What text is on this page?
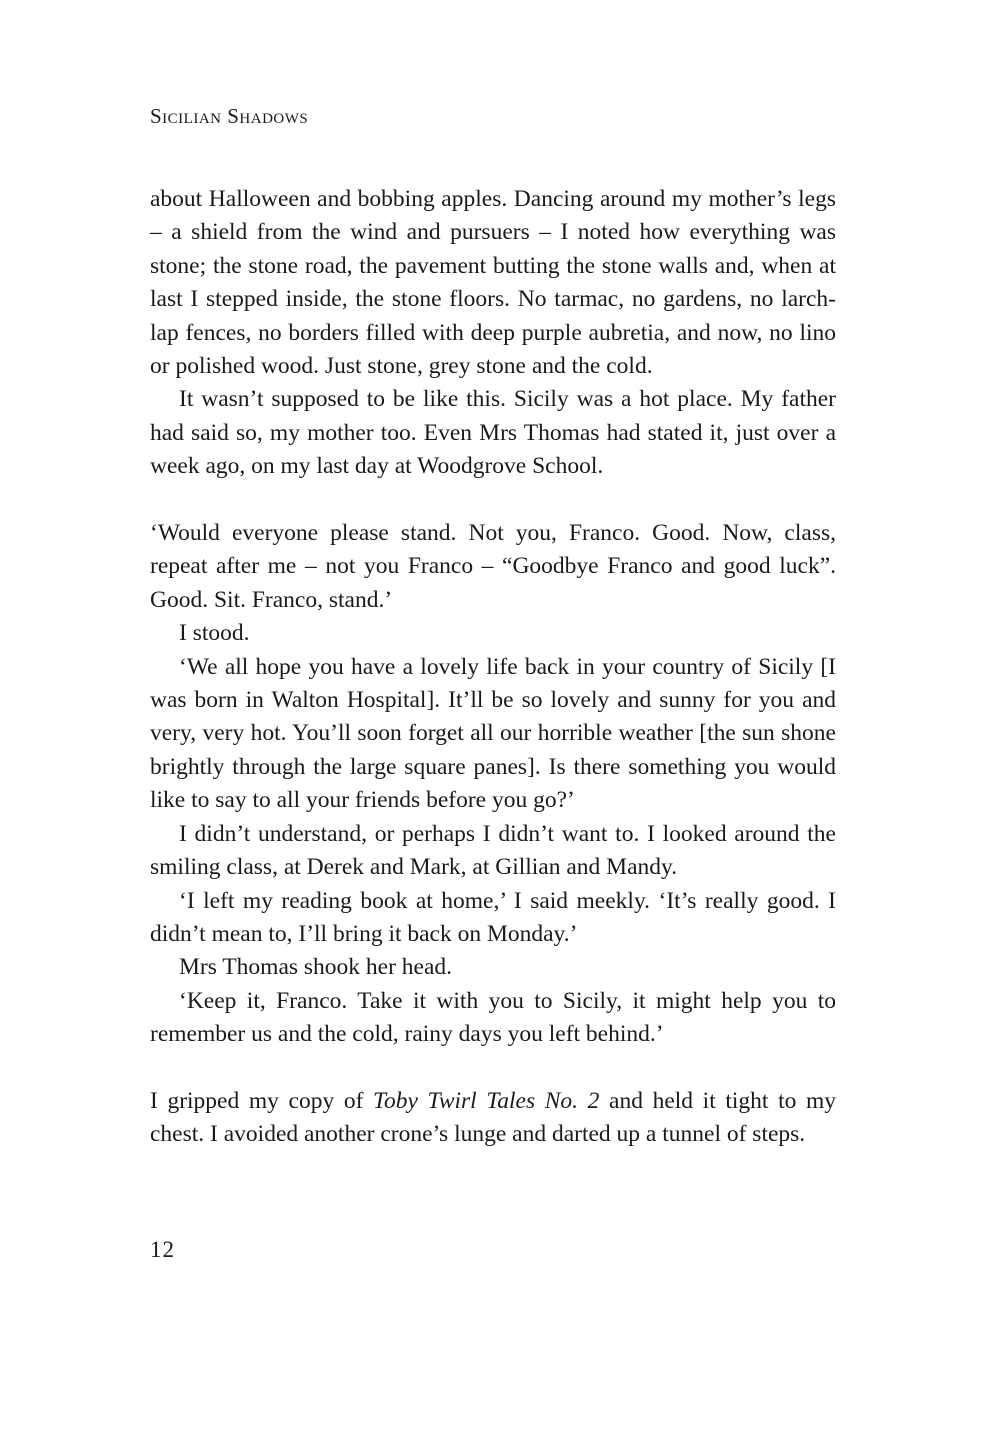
Sicilian Shadows

about Halloween and bobbing apples. Dancing around my mother’s legs – a shield from the wind and pursuers – I noted how everything was stone; the stone road, the pavement butting the stone walls and, when at last I stepped inside, the stone floors. No tarmac, no gardens, no larch-lap fences, no borders filled with deep purple aubretia, and now, no lino or polished wood. Just stone, grey stone and the cold.

It wasn’t supposed to be like this. Sicily was a hot place. My father had said so, my mother too. Even Mrs Thomas had stated it, just over a week ago, on my last day at Woodgrove School.

‘Would everyone please stand. Not you, Franco. Good. Now, class, repeat after me – not you Franco – “Goodbye Franco and good luck”. Good. Sit. Franco, stand.’

I stood.

‘We all hope you have a lovely life back in your country of Sicily [I was born in Walton Hospital]. It’ll be so lovely and sunny for you and very, very hot. You’ll soon forget all our horrible weather [the sun shone brightly through the large square panes]. Is there something you would like to say to all your friends before you go?’

I didn’t understand, or perhaps I didn’t want to. I looked around the smiling class, at Derek and Mark, at Gillian and Mandy.

‘I left my reading book at home,’ I said meekly. ‘It’s really good. I didn’t mean to, I’ll bring it back on Monday.’

Mrs Thomas shook her head.

‘Keep it, Franco. Take it with you to Sicily, it might help you to remember us and the cold, rainy days you left behind.’

I gripped my copy of Toby Twirl Tales No. 2 and held it tight to my chest. I avoided another crone’s lunge and darted up a tunnel of steps.

12
